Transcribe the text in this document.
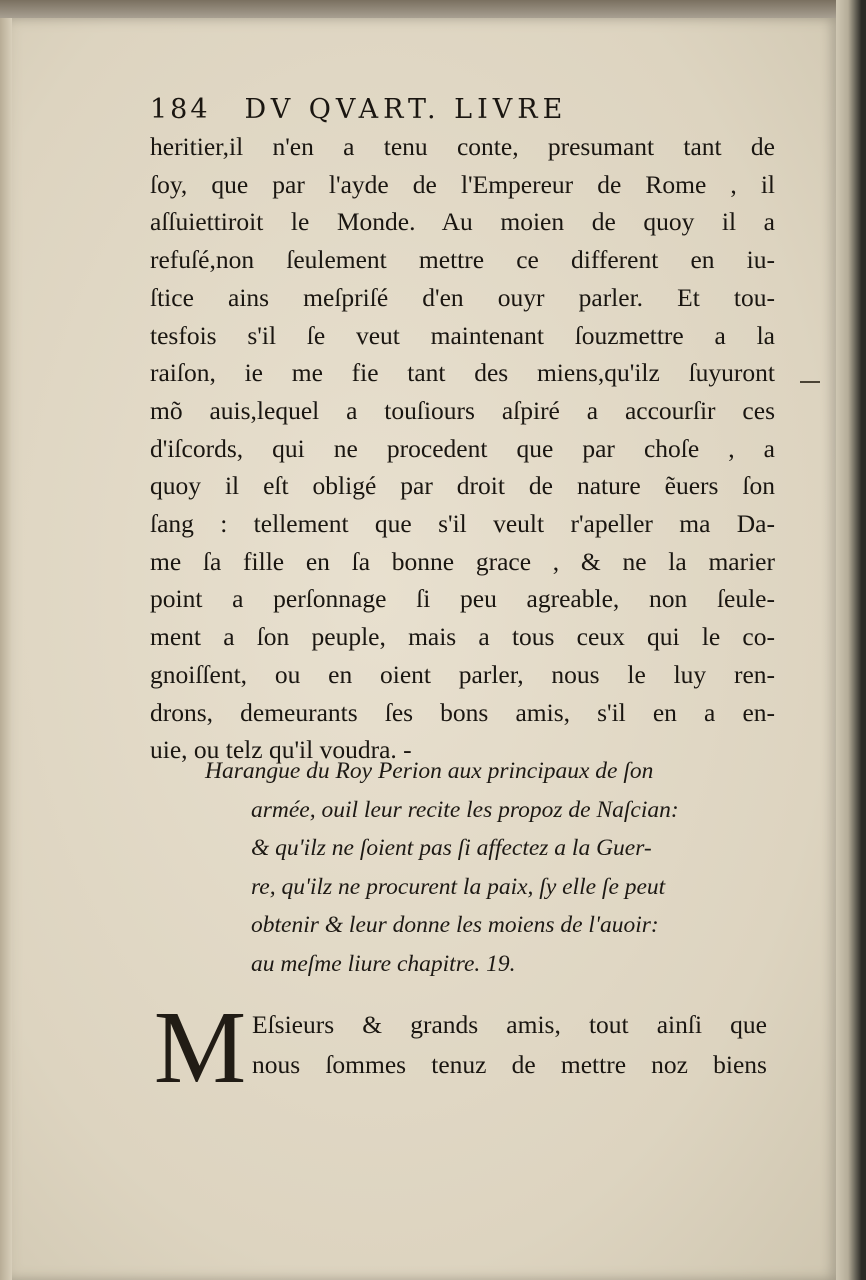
184 DV QVART. LIVRE
heritier,il n'en a tenu conte, presumant tant de
ſoy, que par l'ayde de l'Empereur de Rome , il
aſſuiettiroit le Monde. Au moien de quoy il a
refuſé,non ſeulement mettre ce different en iu-
ſtice ains meſpriſé d'en ouyr parler. Et tou-
tesfois s'il ſe veut maintenant ſouzmettre a la
raiſon, ie me fie tant des miens,qu'ilz ſuyuront
mõ auis,lequel a touſiours aſpiré a accourſir ces
d'iſcords, qui ne procedent que par choſe , a
quoy il eſt obligé par droit de nature ẽuers ſon
ſang : tellement que s'il veult r'apeller ma Da-
me ſa fille en ſa bonne grace , & ne la marier
point a perſonnage ſi peu agreable, non ſeule-
ment a ſon peuple, mais a tous ceux qui le co-
gnoiſſent, ou en oient parler, nous le luy ren-
drons, demeurants ſes bons amis, s'il en a en-
uie, ou telz qu'il voudra. -
Harangue du Roy Perion aux principaux de ſon
armée, ouil leur recite les propoz de Naſcian:
& qu'ilz ne ſoient pas ſi affectez a la Guer-
re, qu'ilz ne procurent la paix, ſy elle ſe peut
obtenir & leur donne les moiens de l'auoir:
au meſme liure chapitre. 19.
M Eſsieurs & grands amis, tout ainſi que
nous ſommes tenuz de mettre noz biens
